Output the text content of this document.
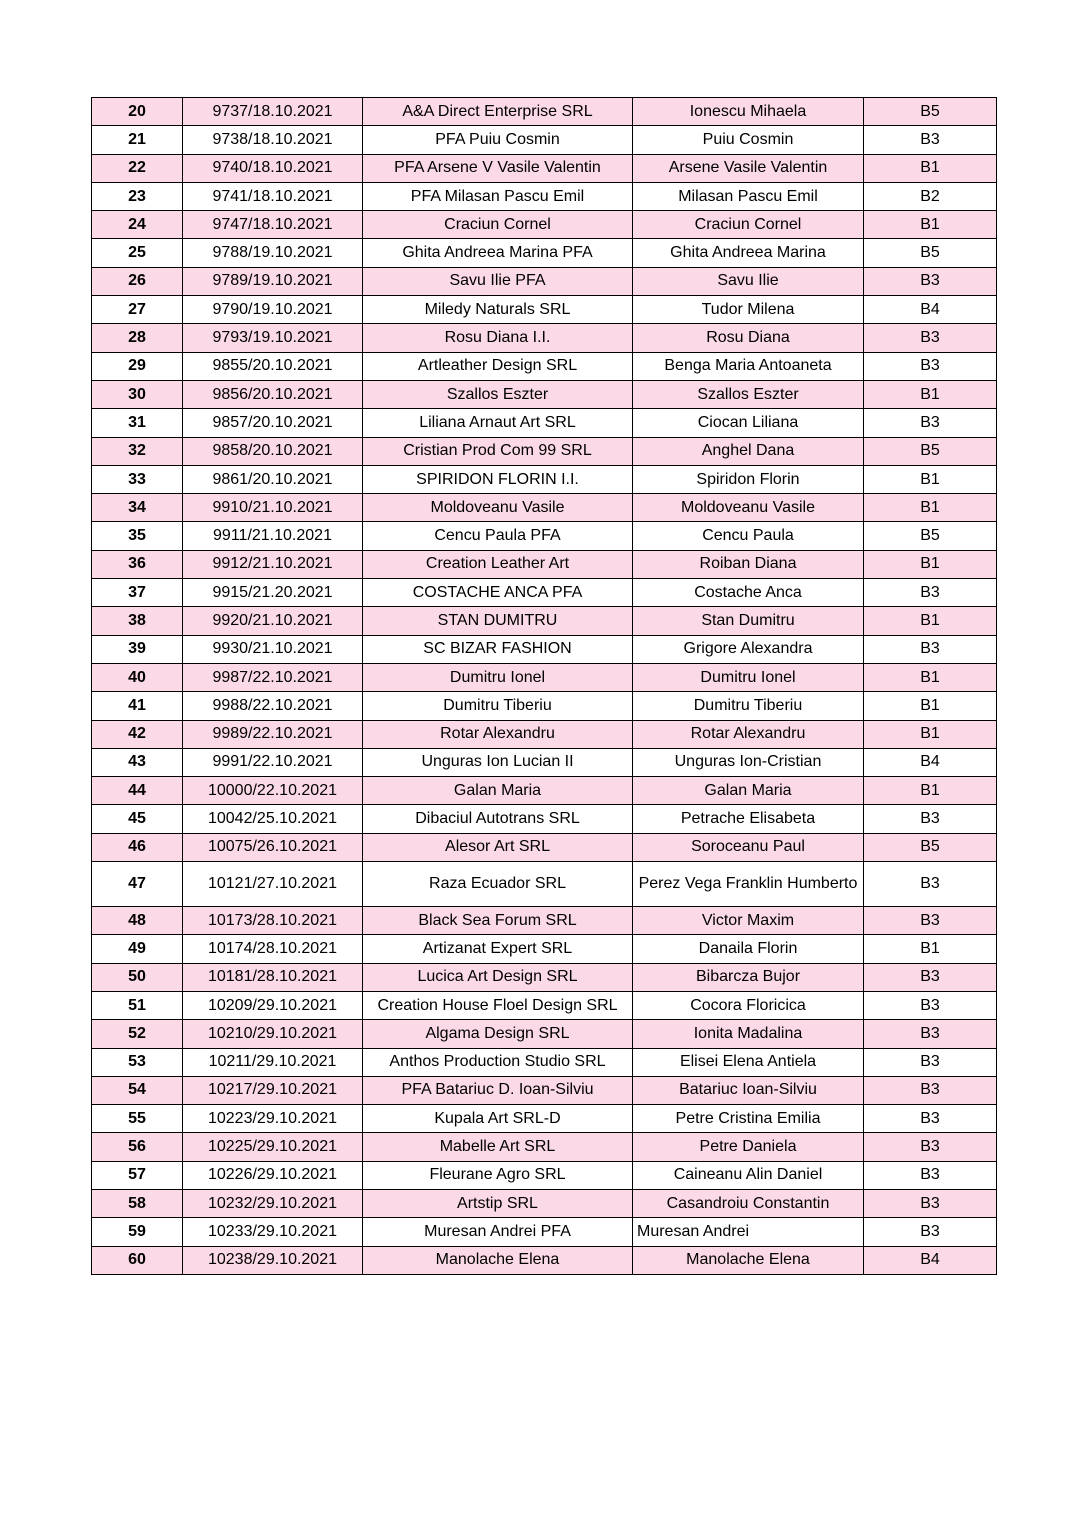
20	9737/18.10.2021	A&A Direct Enterprise SRL	Ionescu Mihaela	B5
21	9738/18.10.2021	PFA Puiu Cosmin	Puiu Cosmin	B3
22	9740/18.10.2021	PFA Arsene V Vasile Valentin	Arsene Vasile Valentin	B1
23	9741/18.10.2021	PFA Milasan Pascu Emil	Milasan Pascu Emil	B2
24	9747/18.10.2021	Craciun Cornel	Craciun Cornel	B1
25	9788/19.10.2021	Ghita Andreea Marina PFA	Ghita Andreea Marina	B5
26	9789/19.10.2021	Savu Ilie PFA	Savu Ilie	B3
27	9790/19.10.2021	Miledy Naturals SRL	Tudor Milena	B4
28	9793/19.10.2021	Rosu Diana I.I.	Rosu Diana	B3
29	9855/20.10.2021	Artleather Design SRL	Benga Maria Antoaneta	B3
30	9856/20.10.2021	Szallos Eszter	Szallos Eszter	B1
31	9857/20.10.2021	Liliana Arnaut Art SRL	Ciocan Liliana	B3
32	9858/20.10.2021	Cristian Prod Com 99 SRL	Anghel Dana	B5
33	9861/20.10.2021	SPIRIDON FLORIN I.I.	Spiridon Florin	B1
34	9910/21.10.2021	Moldoveanu Vasile	Moldoveanu Vasile	B1
35	9911/21.10.2021	Cencu Paula PFA	Cencu Paula	B5
36	9912/21.10.2021	Creation Leather Art	Roiban Diana	B1
37	9915/21.20.2021	COSTACHE ANCA PFA	Costache Anca	B3
38	9920/21.10.2021	STAN DUMITRU	Stan Dumitru	B1
39	9930/21.10.2021	SC BIZAR FASHION	Grigore Alexandra	B3
40	9987/22.10.2021	Dumitru Ionel	Dumitru Ionel	B1
41	9988/22.10.2021	Dumitru Tiberiu	Dumitru Tiberiu	B1
42	9989/22.10.2021	Rotar Alexandru	Rotar Alexandru	B1
43	9991/22.10.2021	Unguras Ion Lucian II	Unguras Ion-Cristian	B4
44	10000/22.10.2021	Galan Maria	Galan Maria	B1
45	10042/25.10.2021	Dibaciul Autotrans SRL	Petrache Elisabeta	B3
46	10075/26.10.2021	Alesor Art SRL	Soroceanu Paul	B5
47	10121/27.10.2021	Raza Ecuador SRL	Perez Vega Franklin Humberto	B3
48	10173/28.10.2021	Black Sea Forum SRL	Victor Maxim	B3
49	10174/28.10.2021	Artizanat Expert SRL	Danaila Florin	B1
50	10181/28.10.2021	Lucica Art Design SRL	Bibarcza Bujor	B3
51	10209/29.10.2021	Creation House Floel Design SRL	Cocora Floricica	B3
52	10210/29.10.2021	Algama Design SRL	Ionita Madalina	B3
53	10211/29.10.2021	Anthos Production Studio SRL	Elisei Elena Antiela	B3
54	10217/29.10.2021	PFA Batariuc D. Ioan-Silviu	Batariuc Ioan-Silviu	B3
55	10223/29.10.2021	Kupala Art SRL-D	Petre Cristina Emilia	B3
56	10225/29.10.2021	Mabelle Art SRL	Petre Daniela	B3
57	10226/29.10.2021	Fleurane Agro SRL	Caineanu Alin Daniel	B3
58	10232/29.10.2021	Artstip SRL	Casandroiu Constantin	B3
59	10233/29.10.2021	Muresan Andrei PFA	Muresan Andrei	B3
60	10238/29.10.2021	Manolache Elena	Manolache Elena	B4
